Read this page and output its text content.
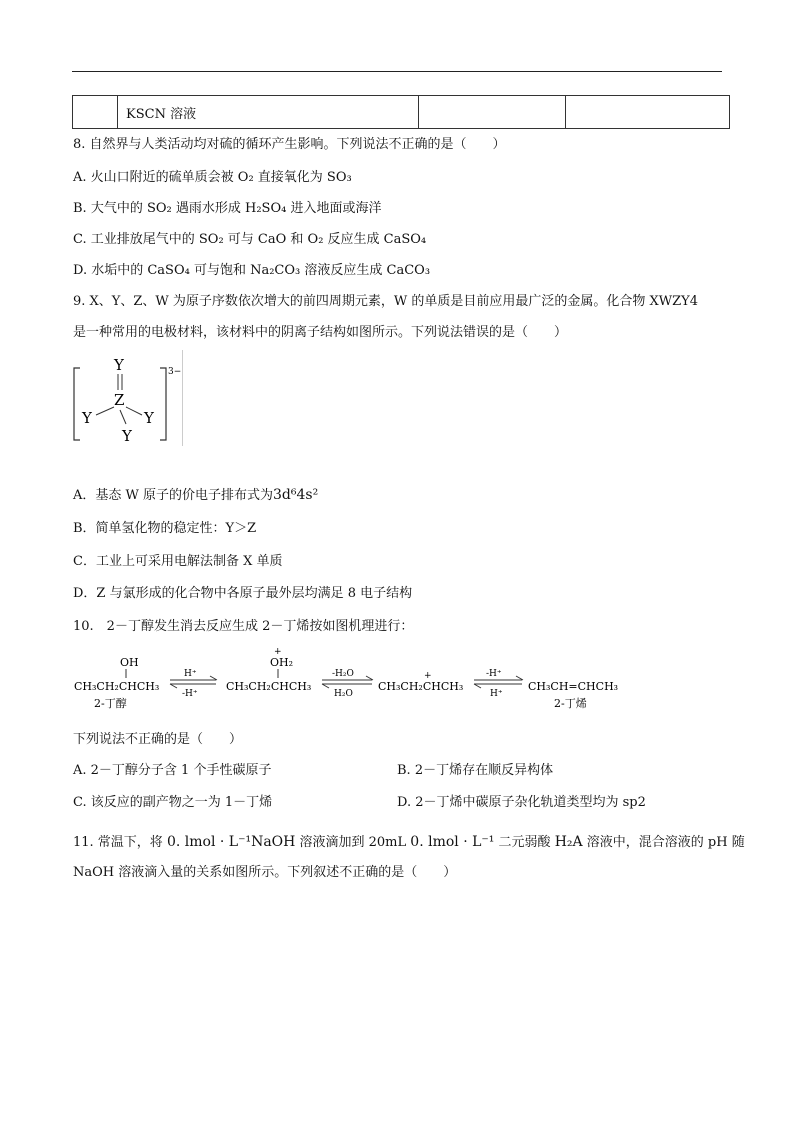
	KSCN 溶液		
8. 自然界与人类活动均对硫的循环产生影响。下列说法不正确的是（　　）
A. 火山口附近的硫单质会被 O₂ 直接氧化为 SO₃
B. 大气中的 SO₂ 遇雨水形成 H₂SO₄ 进入地面或海洋
C. 工业排放尾气中的 SO₂ 可与 CaO 和 O₂ 反应生成 CaSO₄
D. 水垢中的 CaSO₄ 可与饱和 Na₂CO₃ 溶液反应生成 CaCO₃
9. X、Y、Z、W 为原子序数依次增大的前四周期元素，W 的单质是目前应用最广泛的金属。化合物 XWZY4
是一种常用的电极材料，该材料中的阴离子结构如图所示。下列说法错误的是（　　）
3−
Y
Z
Y	Y
Y
A．基态 W 原子的价电子排布式为3d⁶4s²
B．简单氢化物的稳定性：Y＞Z
C．工业上可采用电解法制备 X 单质
D．Z 与氯形成的化合物中各原子最外层均满足 8 电子结构
10.　2－丁醇发生消去反应生成 2－丁烯按如图机理进行：
OH
CH₃CH₂CHCH₃
2-丁醇
H⁺
-H⁺
+
OH₂
CH₃CH₂CHCH₃
-H₂O
H₂O
+
CH₃CH₂CHCH₃
-H⁺
H⁺
CH₃CH=CHCH₃
2-丁烯
下列说法不正确的是（　　）
A. 2－丁醇分子含 1 个手性碳原子	B. 2－丁烯存在顺反异构体
C. 该反应的副产物之一为 1－丁烯	D. 2－丁烯中碳原子杂化轨道类型均为 sp2
11. 常温下，将 0. lmol · L⁻¹NaOH 溶液滴加到 20mL 0. lmol · L⁻¹ 二元弱酸 H₂A 溶液中，混合溶液的 pH 随
NaOH 溶液滴入量的关系如图所示。下列叙述不正确的是（　　）
